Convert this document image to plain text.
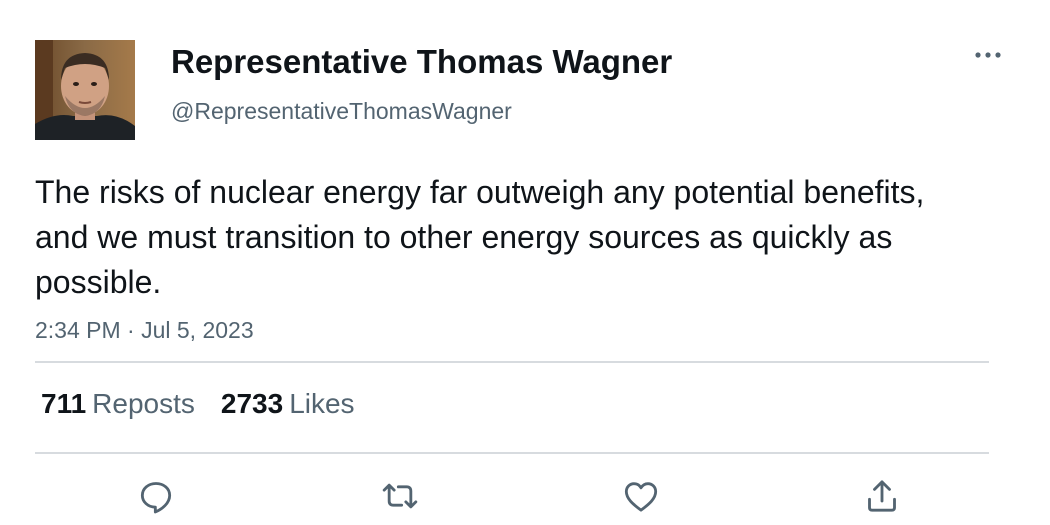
Representative Thomas Wagner
@RepresentativeThomasWagner
The risks of nuclear energy far outweigh any potential benefits, and we must transition to other energy sources as quickly as possible.
2:34 PM · Jul 5, 2023
711 Reposts 2733 Likes
